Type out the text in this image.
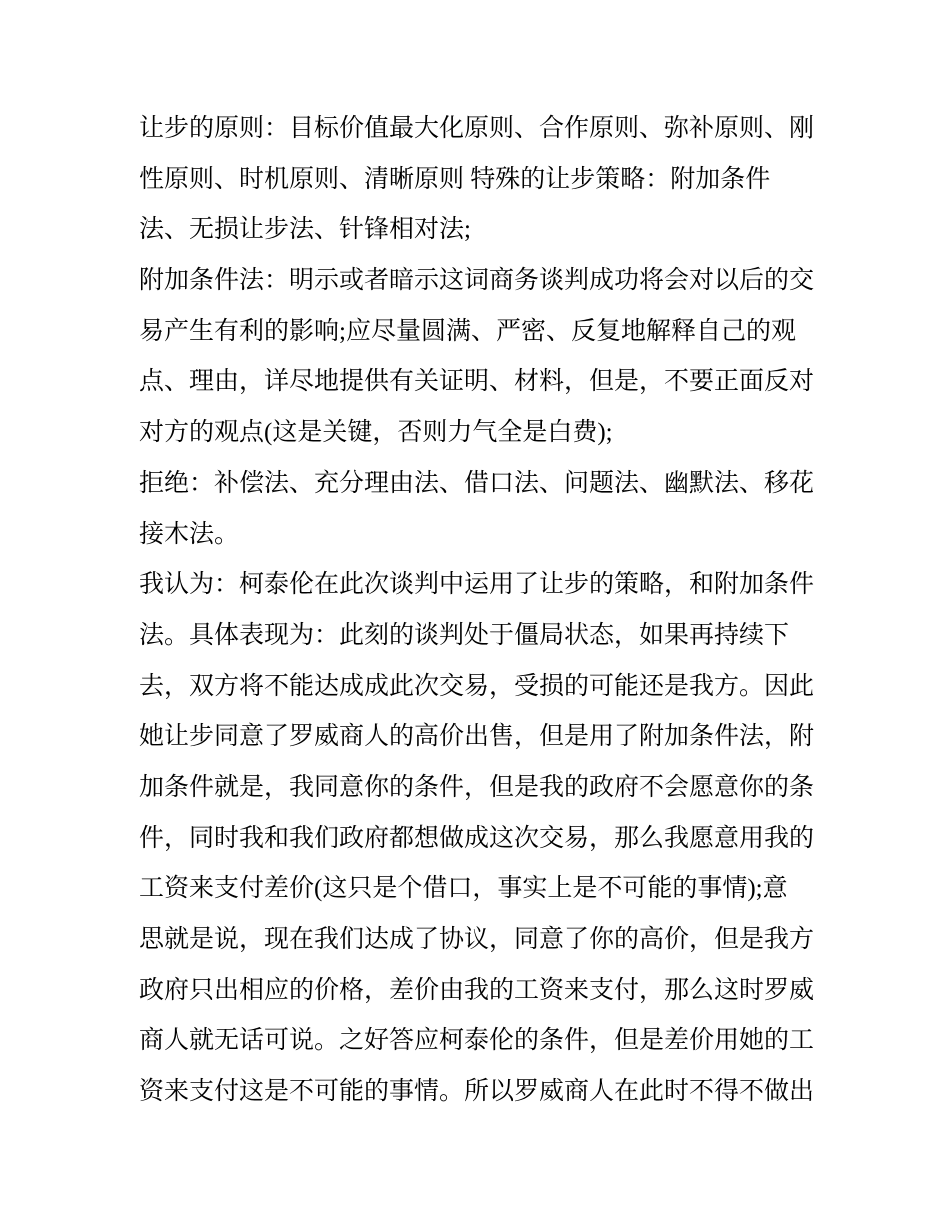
让步的原则：目标价值最大化原则、合作原则、弥补原则、刚
性原则、时机原则、清晰原则 特殊的让步策略：附加条件
法、无损让步法、针锋相对法;
附加条件法：明示或者暗示这词商务谈判成功将会对以后的交
易产生有利的影响;应尽量圆满、严密、反复地解释自己的观
点、理由，详尽地提供有关证明、材料，但是，不要正面反对
对方的观点(这是关键，否则力气全是白费);
拒绝：补偿法、充分理由法、借口法、问题法、幽默法、移花
接木法。
我认为：柯泰伦在此次谈判中运用了让步的策略，和附加条件
法。具体表现为：此刻的谈判处于僵局状态，如果再持续下
去，双方将不能达成成此次交易，受损的可能还是我方。因此
她让步同意了罗威商人的高价出售，但是用了附加条件法，附
加条件就是，我同意你的条件，但是我的政府不会愿意你的条
件，同时我和我们政府都想做成这次交易，那么我愿意用我的
工资来支付差价(这只是个借口，事实上是不可能的事情);意
思就是说，现在我们达成了协议，同意了你的高价，但是我方
政府只出相应的价格，差价由我的工资来支付，那么这时罗威
商人就无话可说。之好答应柯泰伦的条件，但是差价用她的工
资来支付这是不可能的事情。所以罗威商人在此时不得不做出
